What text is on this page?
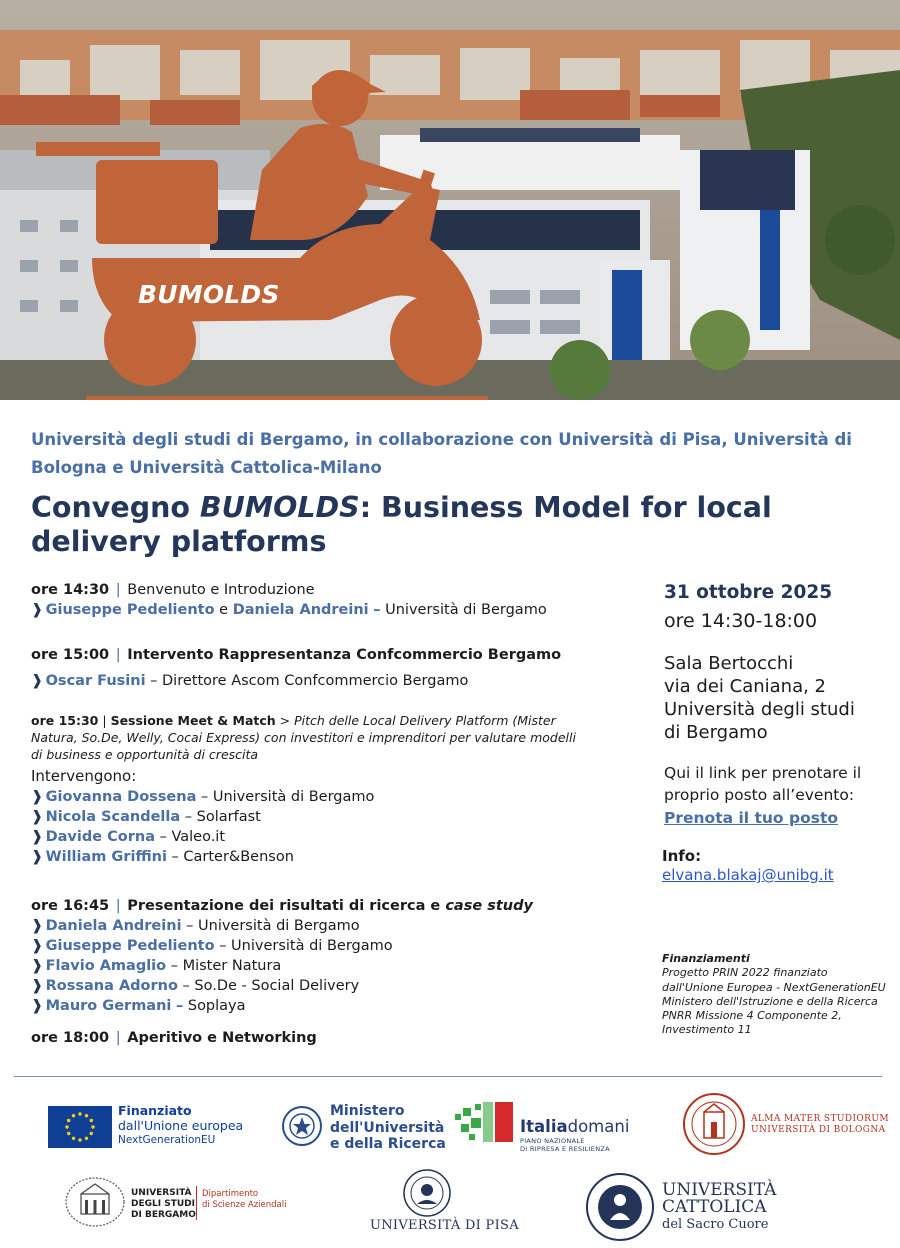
BUMOLDS
Università degli studi di Bergamo, in collaborazione con Università di Pisa, Università di Bologna e Università Cattolica-Milano
Convegno BUMOLDS: Business Model for local delivery platforms
ore 14:30 | Benvenuto e Introduzione
❱ Giuseppe Pedeliento e Daniela Andreini – Università di Bergamo
ore 15:00 | Intervento Rappresentanza Confcommercio Bergamo
❱ Oscar Fusini – Direttore Ascom Confcommercio Bergamo
ore 15:30 | Sessione Meet & Match > Pitch delle Local Delivery Platform (Mister Natura, So.De, Welly, Cocai Express) con investitori e imprenditori per valutare modelli di business e opportunità di crescita
Intervengono:
❱ Giovanna Dossena – Università di Bergamo
❱ Nicola Scandella – Solarfast
❱ Davide Corna – Valeo.it
❱ William Griffini – Carter&Benson
ore 16:45 | Presentazione dei risultati di ricerca e case study
❱ Daniela Andreini – Università di Bergamo
❱ Giuseppe Pedeliento – Università di Bergamo
❱ Flavio Amaglio – Mister Natura
❱ Rossana Adorno – So.De - Social Delivery
❱ Mauro Germani – Soplaya
ore 18:00 | Aperitivo e Networking
31 ottobre 2025
ore 14:30-18:00
Sala Bertocchi
via dei Caniana, 2
Università degli studi
di Bergamo
Qui il link per prenotare il proprio posto all’evento:
Prenota il tuo posto
Info:
elvana.blakaj@unibg.it
Finanziamenti
Progetto PRIN 2022 finanziato
dall'Unione Europea - NextGenerationEU
Ministero dell'Istruzione e della Ricerca
PNRR Missione 4 Componente 2,
Investimento 11
Finanziato
dall'Unione europea
NextGenerationEU
Ministero
dell'Università
e della Ricerca
Italiadomani
PIANO NAZIONALE
DI RIPRESA E RESILIENZA
ALMA MATER STUDIORUM
UNIVERSITÀ DI BOLOGNA
UNIVERSITÀ
DEGLI STUDI
DI BERGAMO
Dipartimento
di Scienze Aziendali
UNIVERSITÀ DI PISA
UNIVERSITÀ
CATTOLICA
del Sacro Cuore
